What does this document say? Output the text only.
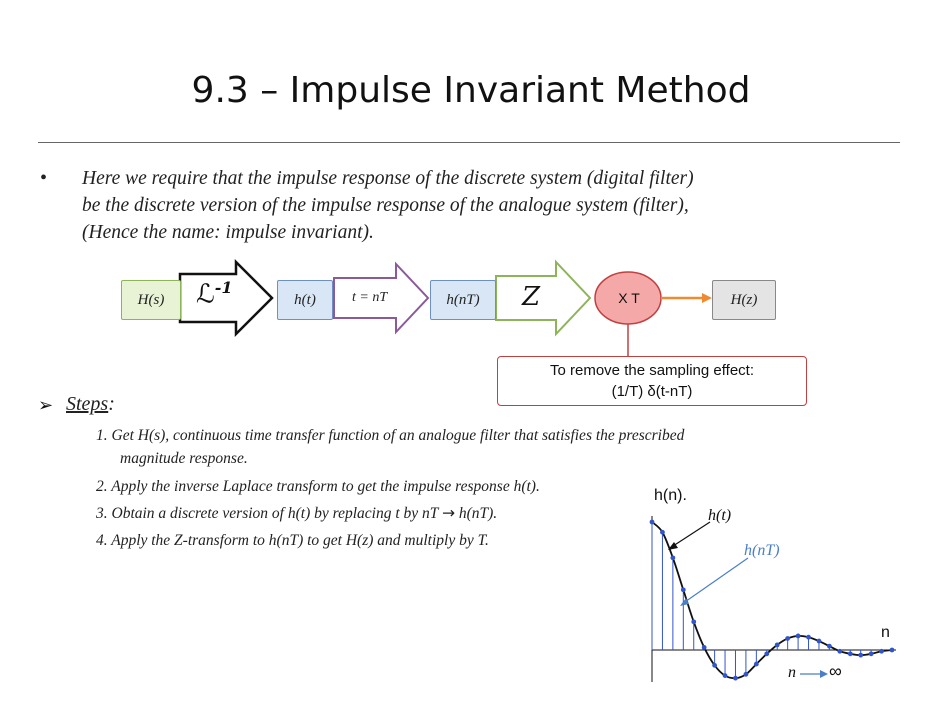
9.3 – Impulse Invariant Method
• Here we require that the impulse response of the discrete system (digital filter)
be the discrete version of the impulse response of the analogue system (filter),
(Hence the name: impulse invariant).
H(s)	ℒ$^{-1}$
h(t)	t = nT	h(nT)	Z	X T	H(z)
To remove the sampling effect:
(1/T) δ(t-nT)
➢ Steps:
1. Get H(s), continuous time transfer function of an analogue filter that satisfies the prescribed
magnitude response.
2. Apply the inverse Laplace transform to get the impulse response h(t).
3. Obtain a discrete version of h(t) by replacing t by nT → h(nT).
4. Apply the Z-transform to h(nT) to get H(z) and multiply by T.
h(n).
h(t)
h(nT)
n
n ∞
